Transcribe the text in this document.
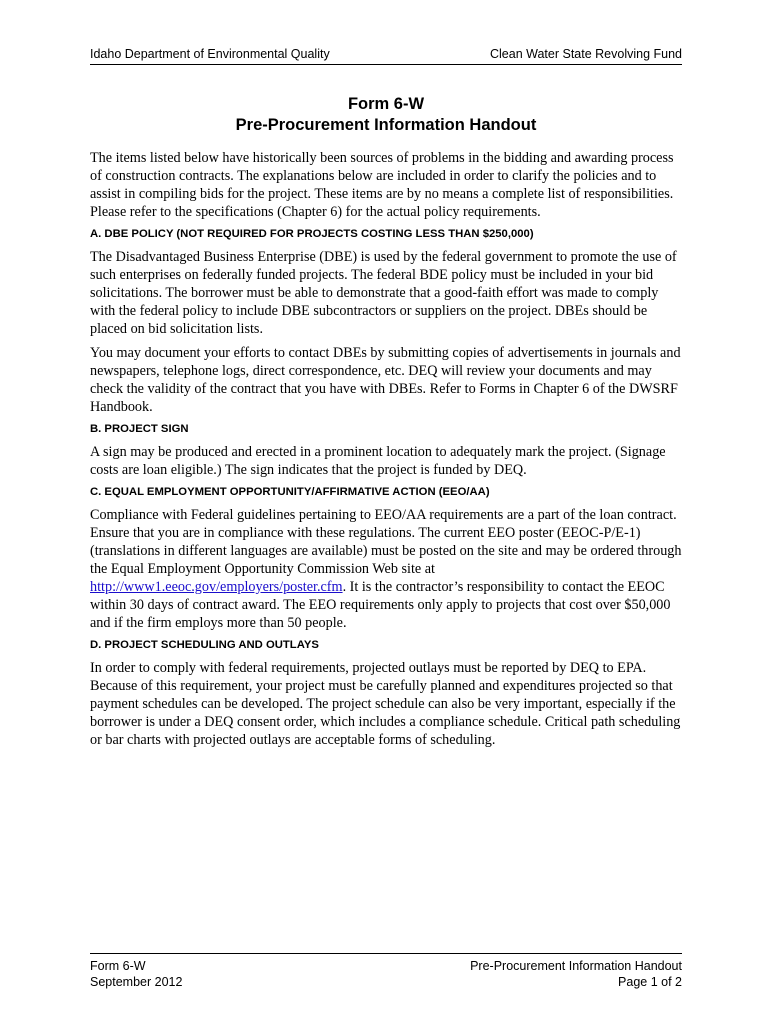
Idaho Department of Environmental Quality	Clean Water State Revolving Fund
Form 6-W
Pre-Procurement Information Handout

The items listed below have historically been sources of problems in the bidding and awarding process of construction contracts. The explanations below are included in order to clarify the policies and to assist in compiling bids for the project. These items are by no means a complete list of responsibilities. Please refer to the specifications (Chapter 6) for the actual policy requirements.

A. DBE POLICY (NOT REQUIRED FOR PROJECTS COSTING LESS THAN $250,000)

The Disadvantaged Business Enterprise (DBE) is used by the federal government to promote the use of such enterprises on federally funded projects. The federal BDE policy must be included in your bid solicitations. The borrower must be able to demonstrate that a good-faith effort was made to comply with the federal policy to include DBE subcontractors or suppliers on the project. DBEs should be placed on bid solicitation lists.

You may document your efforts to contact DBEs by submitting copies of advertisements in journals and newspapers, telephone logs, direct correspondence, etc. DEQ will review your documents and may check the validity of the contract that you have with DBEs. Refer to Forms in Chapter 6 of the DWSRF Handbook.

B. PROJECT SIGN

A sign may be produced and erected in a prominent location to adequately mark the project. (Signage costs are loan eligible.) The sign indicates that the project is funded by DEQ.

C. EQUAL EMPLOYMENT OPPORTUNITY/AFFIRMATIVE ACTION (EEO/AA)

Compliance with Federal guidelines pertaining to EEO/AA requirements are a part of the loan contract. Ensure that you are in compliance with these regulations. The current EEO poster (EEOC-P/E-1) (translations in different languages are available) must be posted on the site and may be ordered through the Equal Employment Opportunity Commission Web site at http://www1.eeoc.gov/employers/poster.cfm. It is the contractor’s responsibility to contact the EEOC within 30 days of contract award. The EEO requirements only apply to projects that cost over $50,000 and if the firm employs more than 50 people.

D. PROJECT SCHEDULING AND OUTLAYS

In order to comply with federal requirements, projected outlays must be reported by DEQ to EPA. Because of this requirement, your project must be carefully planned and expenditures projected so that payment schedules can be developed. The project schedule can also be very important, especially if the borrower is under a DEQ consent order, which includes a compliance schedule. Critical path scheduling or bar charts with projected outlays are acceptable forms of scheduling.

Form 6-W
September 2012
Pre-Procurement Information Handout
Page 1 of 2
